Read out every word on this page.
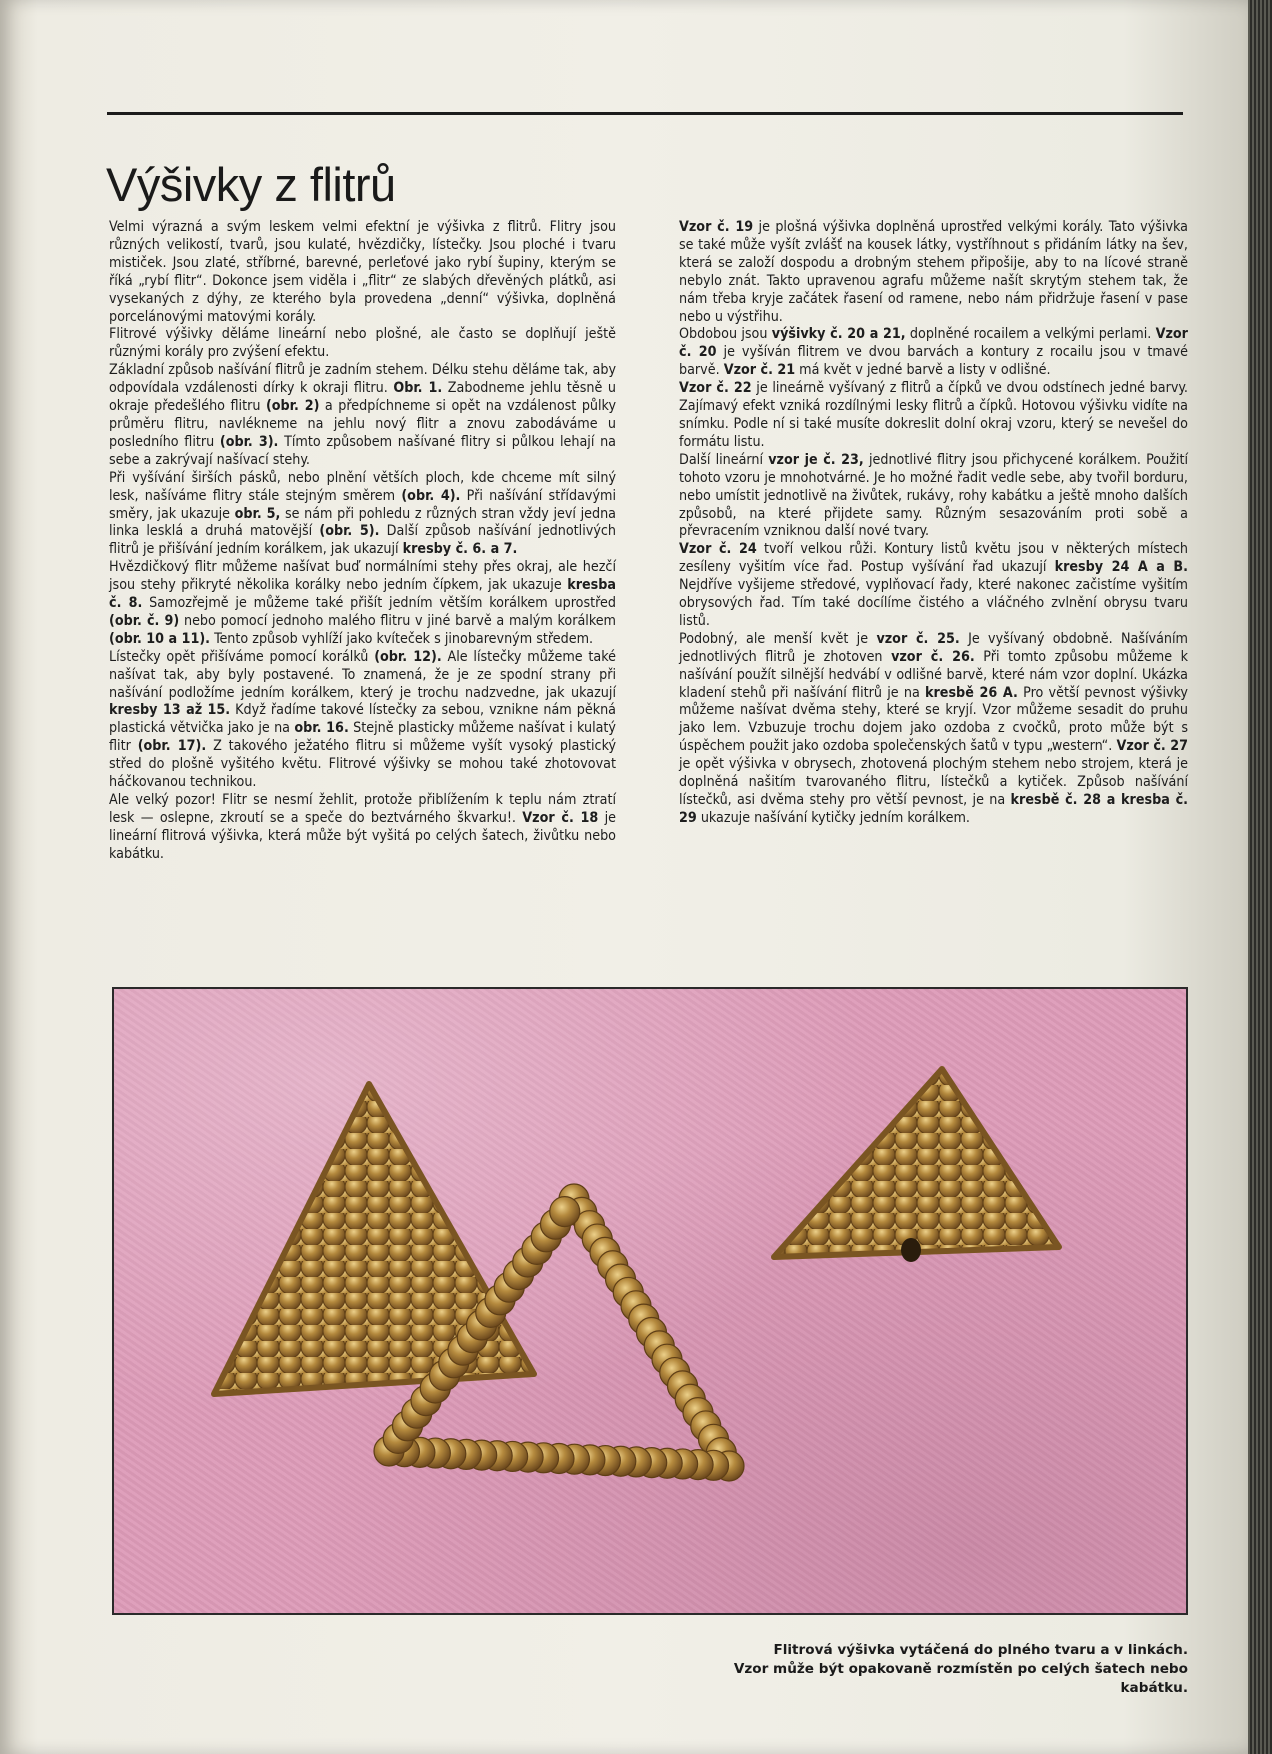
Výšivky z flitrů

Velmi výrazná a svým leskem velmi efektní je výšivka z flitrů. Flitry jsou různých velikostí, tvarů, jsou kulaté, hvězdičky, lístečky. Jsou ploché i tvaru mističek. Jsou zlaté, stříbrné, barevné, perleťové jako rybí šupiny, kterým se říká „rybí flitr“. Dokonce jsem viděla i „flitr“ ze slabých dřevěných plátků, asi vysekaných z dýhy, ze kterého byla provedena „denní“ výšivka, doplněná porcelánovými matovými korály.

Flitrové výšivky děláme lineární nebo plošné, ale často se doplňují ještě různými korály pro zvýšení efektu.

Základní způsob našívání flitrů je zadním stehem. Délku stehu děláme tak, aby odpovídala vzdálenosti dírky k okraji flitru. Obr. 1. Zabodneme jehlu těsně u okraje předešlého flitru (obr. 2) a předpíchneme si opět na vzdálenost půlky průměru flitru, navlékneme na jehlu nový flitr a znovu zabodáváme u posledního flitru (obr. 3). Tímto způsobem našívané flitry si půlkou lehají na sebe a zakrývají našívací stehy.

Při vyšívání širších pásků, nebo plnění větších ploch, kde chceme mít silný lesk, našíváme flitry stále stejným směrem (obr. 4). Při našívání střídavými směry, jak ukazuje obr. 5, se nám při pohledu z různých stran vždy jeví jedna linka lesklá a druhá matovější (obr. 5). Další způsob našívání jednotlivých flitrů je přišívání jedním korálkem, jak ukazují kresby č. 6. a 7.

Hvězdičkový flitr můžeme našívat buď normálními stehy přes okraj, ale hezčí jsou stehy přikryté několika korálky nebo jedním čípkem, jak ukazuje kresba č. 8. Samozřejmě je můžeme také přišít jedním větším korálkem uprostřed (obr. č. 9) nebo pomocí jednoho malého flitru v jiné barvě a malým korálkem (obr. 10 a 11). Tento způsob vyhlíží jako kvíteček s jinobarevným středem.

Lístečky opět přišíváme pomocí korálků (obr. 12). Ale lístečky můžeme také našívat tak, aby byly postavené. To znamená, že je ze spodní strany při našívání podložíme jedním korálkem, který je trochu nadzvedne, jak ukazují kresby 13 až 15. Když řadíme takové lístečky za sebou, vznikne nám pěkná plastická větvička jako je na obr. 16. Stejně plasticky můžeme našívat i kulatý flitr (obr. 17). Z takového ježatého flitru si můžeme vyšít vysoký plastický střed do plošně vyšitého květu. Flitrové výšivky se mohou také zhotovovat háčkovanou technikou.

Ale velký pozor! Flitr se nesmí žehlit, protože přiblížením k teplu nám ztratí lesk — oslepne, zkroutí se a speče do beztvárného škvarku!. Vzor č. 18 je lineární flitrová výšivka, která může být vyšitá po celých šatech, živůtku nebo kabátku.

Vzor č. 19 je plošná výšivka doplněná uprostřed velkými korály. Tato výšivka se také může vyšít zvlášť na kousek látky, vystříhnout s přidáním látky na šev, která se založí dospodu a drobným stehem připošije, aby to na lícové straně nebylo znát. Takto upravenou agrafu můžeme našít skrytým stehem tak, že nám třeba kryje začátek řasení od ramene, nebo nám přidržuje řasení v pase nebo u výstřihu.

Obdobou jsou výšivky č. 20 a 21, doplněné rocailem a velkými perlami. Vzor č. 20 je vyšíván flitrem ve dvou barvách a kontury z rocailu jsou v tmavé barvě. Vzor č. 21 má květ v jedné barvě a listy v odlišné.

Vzor č. 22 je lineárně vyšívaný z flitrů a čípků ve dvou odstínech jedné barvy. Zajímavý efekt vzniká rozdílnými lesky flitrů a čípků. Hotovou výšivku vidíte na snímku. Podle ní si také musíte dokreslit dolní okraj vzoru, který se nevešel do formátu listu.

Další lineární vzor je č. 23, jednotlivé flitry jsou přichycené korálkem. Použití tohoto vzoru je mnohotvárné. Je ho možné řadit vedle sebe, aby tvořil borduru, nebo umístit jednotlivě na živůtek, rukávy, rohy kabátku a ještě mnoho dalších způsobů, na které přijdete samy. Různým sesazováním proti sobě a převracením vzniknou další nové tvary.

Vzor č. 24 tvoří velkou růži. Kontury listů květu jsou v některých místech zesíleny vyšitím více řad. Postup vyšívání řad ukazují kresby 24 A a B. Nejdříve vyšijeme středové, vyplňovací řady, které nakonec začistíme vyšitím obrysových řad. Tím také docílíme čistého a vláčného zvlnění obrysu tvaru listů.

Podobný, ale menší květ je vzor č. 25. Je vyšívaný obdobně. Našíváním jednotlivých flitrů je zhotoven vzor č. 26. Při tomto způsobu můžeme k našívání použít silnější hedvábí v odlišné barvě, které nám vzor doplní. Ukázka kladení stehů při našívání flitrů je na kresbě 26 A. Pro větší pevnost výšivky můžeme našívat dvěma stehy, které se kryjí. Vzor můžeme sesadit do pruhu jako lem. Vzbuzuje trochu dojem jako ozdoba z cvočků, proto může být s úspěchem použit jako ozdoba společenských šatů v typu „western“. Vzor č. 27 je opět výšivka v obrysech, zhotovená plochým stehem nebo strojem, která je doplněná našitím tvarovaného flitru, lístečků a kytiček. Způsob našívání lístečků, asi dvěma stehy pro větší pevnost, je na kresbě č. 28 a kresba č. 29 ukazuje našívání kytičky jedním korálkem.

Flitrová výšivka vytáčená do plného tvaru a v linkách.
Vzor může být opakovaně rozmístěn po celých šatech nebo
kabátku.
